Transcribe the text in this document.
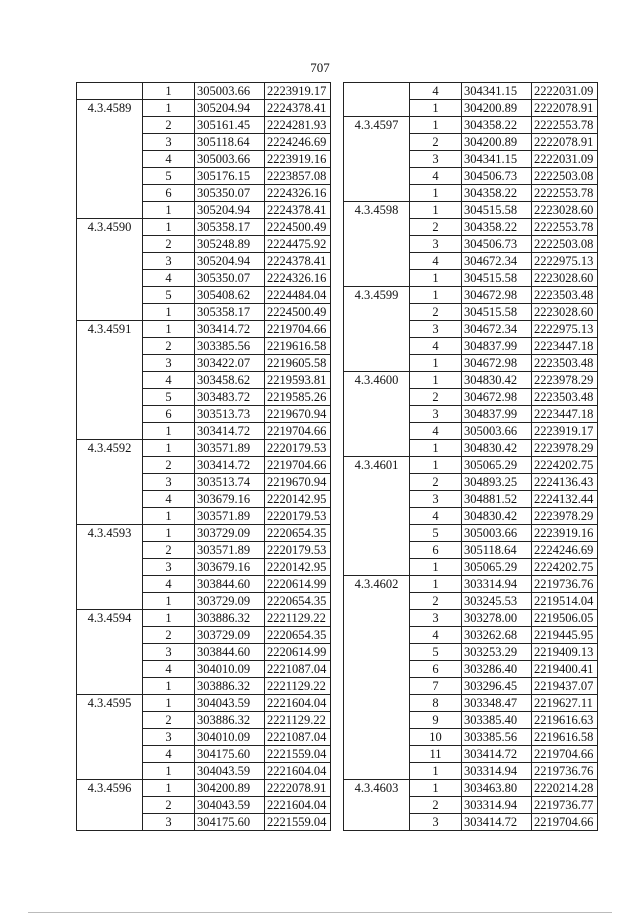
707
	1	305003.66	2223919.17
4.3.4589	1	305204.94	2224378.41
	2	305161.45	2224281.93
	3	305118.64	2224246.69
	4	305003.66	2223919.16
	5	305176.15	2223857.08
	6	305350.07	2224326.16
	1	305204.94	2224378.41
4.3.4590	1	305358.17	2224500.49
	2	305248.89	2224475.92
	3	305204.94	2224378.41
	4	305350.07	2224326.16
	5	305408.62	2224484.04
	1	305358.17	2224500.49
4.3.4591	1	303414.72	2219704.66
	2	303385.56	2219616.58
	3	303422.07	2219605.58
	4	303458.62	2219593.81
	5	303483.72	2219585.26
	6	303513.73	2219670.94
	1	303414.72	2219704.66
4.3.4592	1	303571.89	2220179.53
	2	303414.72	2219704.66
	3	303513.74	2219670.94
	4	303679.16	2220142.95
	1	303571.89	2220179.53
4.3.4593	1	303729.09	2220654.35
	2	303571.89	2220179.53
	3	303679.16	2220142.95
	4	303844.60	2220614.99
	1	303729.09	2220654.35
4.3.4594	1	303886.32	2221129.22
	2	303729.09	2220654.35
	3	303844.60	2220614.99
	4	304010.09	2221087.04
	1	303886.32	2221129.22
4.3.4595	1	304043.59	2221604.04
	2	303886.32	2221129.22
	3	304010.09	2221087.04
	4	304175.60	2221559.04
	1	304043.59	2221604.04
4.3.4596	1	304200.89	2222078.91
	2	304043.59	2221604.04
	3	304175.60	2221559.04
	4	304341.15	2222031.09
	1	304200.89	2222078.91
4.3.4597	1	304358.22	2222553.78
	2	304200.89	2222078.91
	3	304341.15	2222031.09
	4	304506.73	2222503.08
	1	304358.22	2222553.78
4.3.4598	1	304515.58	2223028.60
	2	304358.22	2222553.78
	3	304506.73	2222503.08
	4	304672.34	2222975.13
	1	304515.58	2223028.60
4.3.4599	1	304672.98	2223503.48
	2	304515.58	2223028.60
	3	304672.34	2222975.13
	4	304837.99	2223447.18
	1	304672.98	2223503.48
4.3.4600	1	304830.42	2223978.29
	2	304672.98	2223503.48
	3	304837.99	2223447.18
	4	305003.66	2223919.17
	1	304830.42	2223978.29
4.3.4601	1	305065.29	2224202.75
	2	304893.25	2224136.43
	3	304881.52	2224132.44
	4	304830.42	2223978.29
	5	305003.66	2223919.16
	6	305118.64	2224246.69
	1	305065.29	2224202.75
4.3.4602	1	303314.94	2219736.76
	2	303245.53	2219514.04
	3	303278.00	2219506.05
	4	303262.68	2219445.95
	5	303253.29	2219409.13
	6	303286.40	2219400.41
	7	303296.45	2219437.07
	8	303348.47	2219627.11
	9	303385.40	2219616.63
	10	303385.56	2219616.58
	11	303414.72	2219704.66
	1	303314.94	2219736.76
4.3.4603	1	303463.80	2220214.28
	2	303314.94	2219736.77
	3	303414.72	2219704.66
